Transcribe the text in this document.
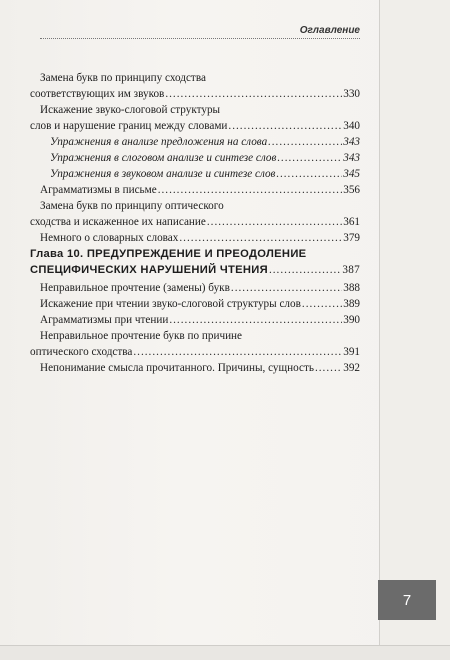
Оглавление
Замена букв по принципу сходства
соответствующих им звуков .....	330
Искажение звуко-слоговой структуры
слов и нарушение границ между словами .....	340
Упражнения в анализе предложения на слова .....	343
Упражнения в слоговом анализе и синтезе слов .....	343
Упражнения в звуковом анализе и синтезе слов .....	345
Аграмматизмы в письме .....	356
Замена букв по принципу оптического
сходства и искаженное их написание .....	361
Немного о словарных словах .....	379
Глава 10. ПРЕДУПРЕЖДЕНИЕ И ПРЕОДОЛЕНИЕ
СПЕЦИФИЧЕСКИХ НАРУШЕНИЙ ЧТЕНИЯ .....	387
Неправильное прочтение (замены) букв .....	388
Искажение при чтении звуко-слоговой структуры слов .....	389
Аграмматизмы при чтении .....	390
Неправильное прочтение букв по причине
оптического сходства .....	391
Непонимание смысла прочитанного. Причины, сущность .....	392
7
